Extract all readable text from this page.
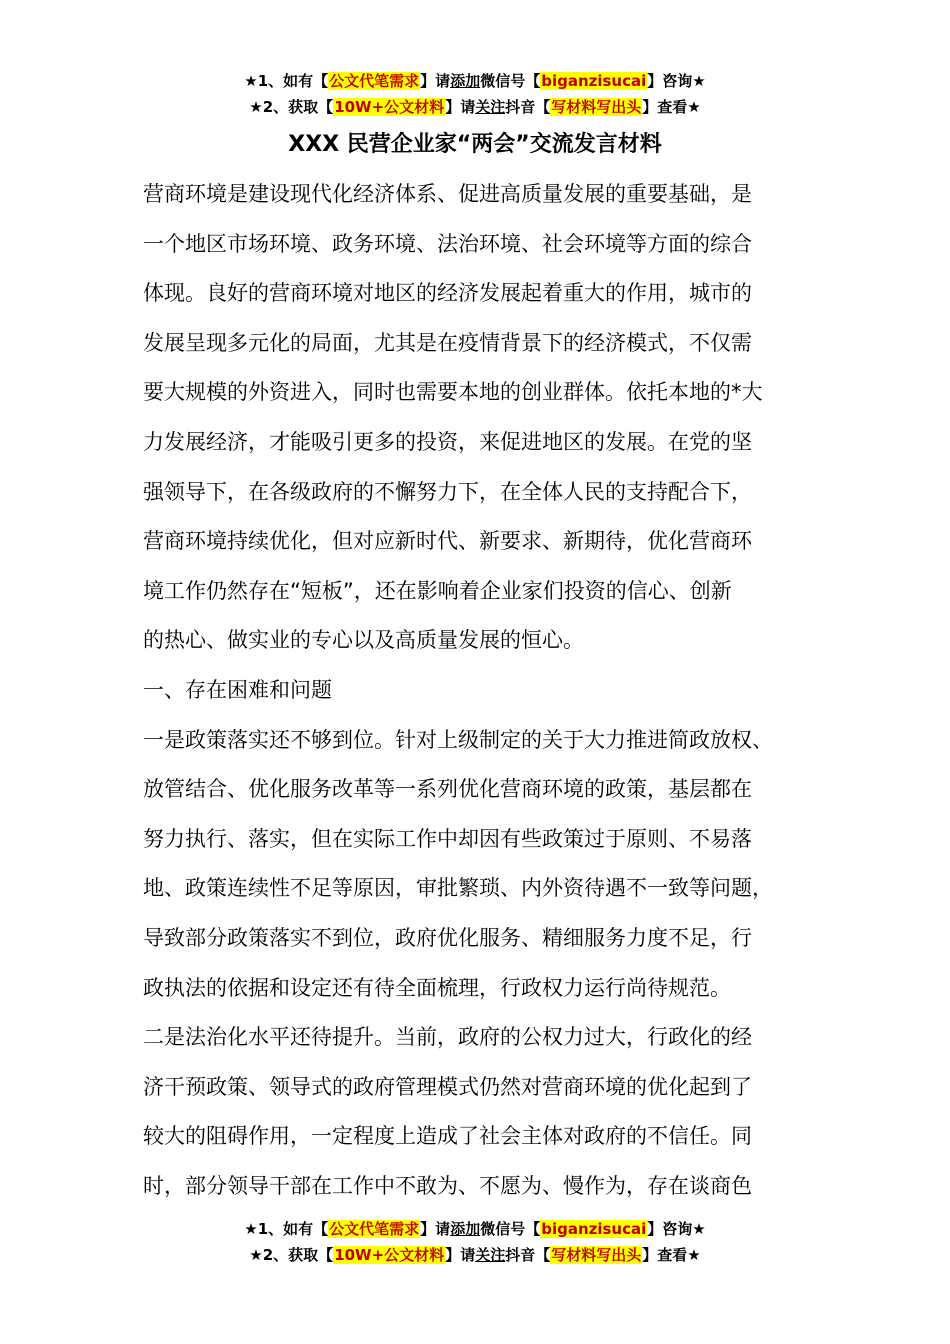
★1、如有【公文代笔需求】请添加微信号【biganzisucai】咨询★
★2、获取【10W+公文材料】请关注抖音【写材料写出头】查看★
XXX 民营企业家“两会”交流发言材料

营商环境是建设现代化经济体系、促进高质量发展的重要基础，是

一个地区市场环境、政务环境、法治环境、社会环境等方面的综合

体现。良好的营商环境对地区的经济发展起着重大的作用，城市的

发展呈现多元化的局面，尤其是在疫情背景下的经济模式，不仅需

要大规模的外资进入，同时也需要本地的创业群体。依托本地的*大

力发展经济，才能吸引更多的投资，来促进地区的发展。在党的坚

强领导下，在各级政府的不懈努力下，在全体人民的支持配合下，

营商环境持续优化，但对应新时代、新要求、新期待，优化营商环

境工作仍然存在“短板”，还在影响着企业家们投资的信心、创新

的热心、做实业的专心以及高质量发展的恒心。

一、存在困难和问题

一是政策落实还不够到位。针对上级制定的关于大力推进简政放权、

放管结合、优化服务改革等一系列优化营商环境的政策，基层都在

努力执行、落实，但在实际工作中却因有些政策过于原则、不易落

地、政策连续性不足等原因，审批繁琐、内外资待遇不一致等问题，

导致部分政策落实不到位，政府优化服务、精细服务力度不足，行

政执法的依据和设定还有待全面梳理，行政权力运行尚待规范。

二是法治化水平还待提升。当前，政府的公权力过大，行政化的经

济干预政策、领导式的政府管理模式仍然对营商环境的优化起到了

较大的阻碍作用，一定程度上造成了社会主体对政府的不信任。同

时，部分领导干部在工作中不敢为、不愿为、慢作为，存在谈商色

★1、如有【公文代笔需求】请添加微信号【biganzisucai】咨询★
★2、获取【10W+公文材料】请关注抖音【写材料写出头】查看★
